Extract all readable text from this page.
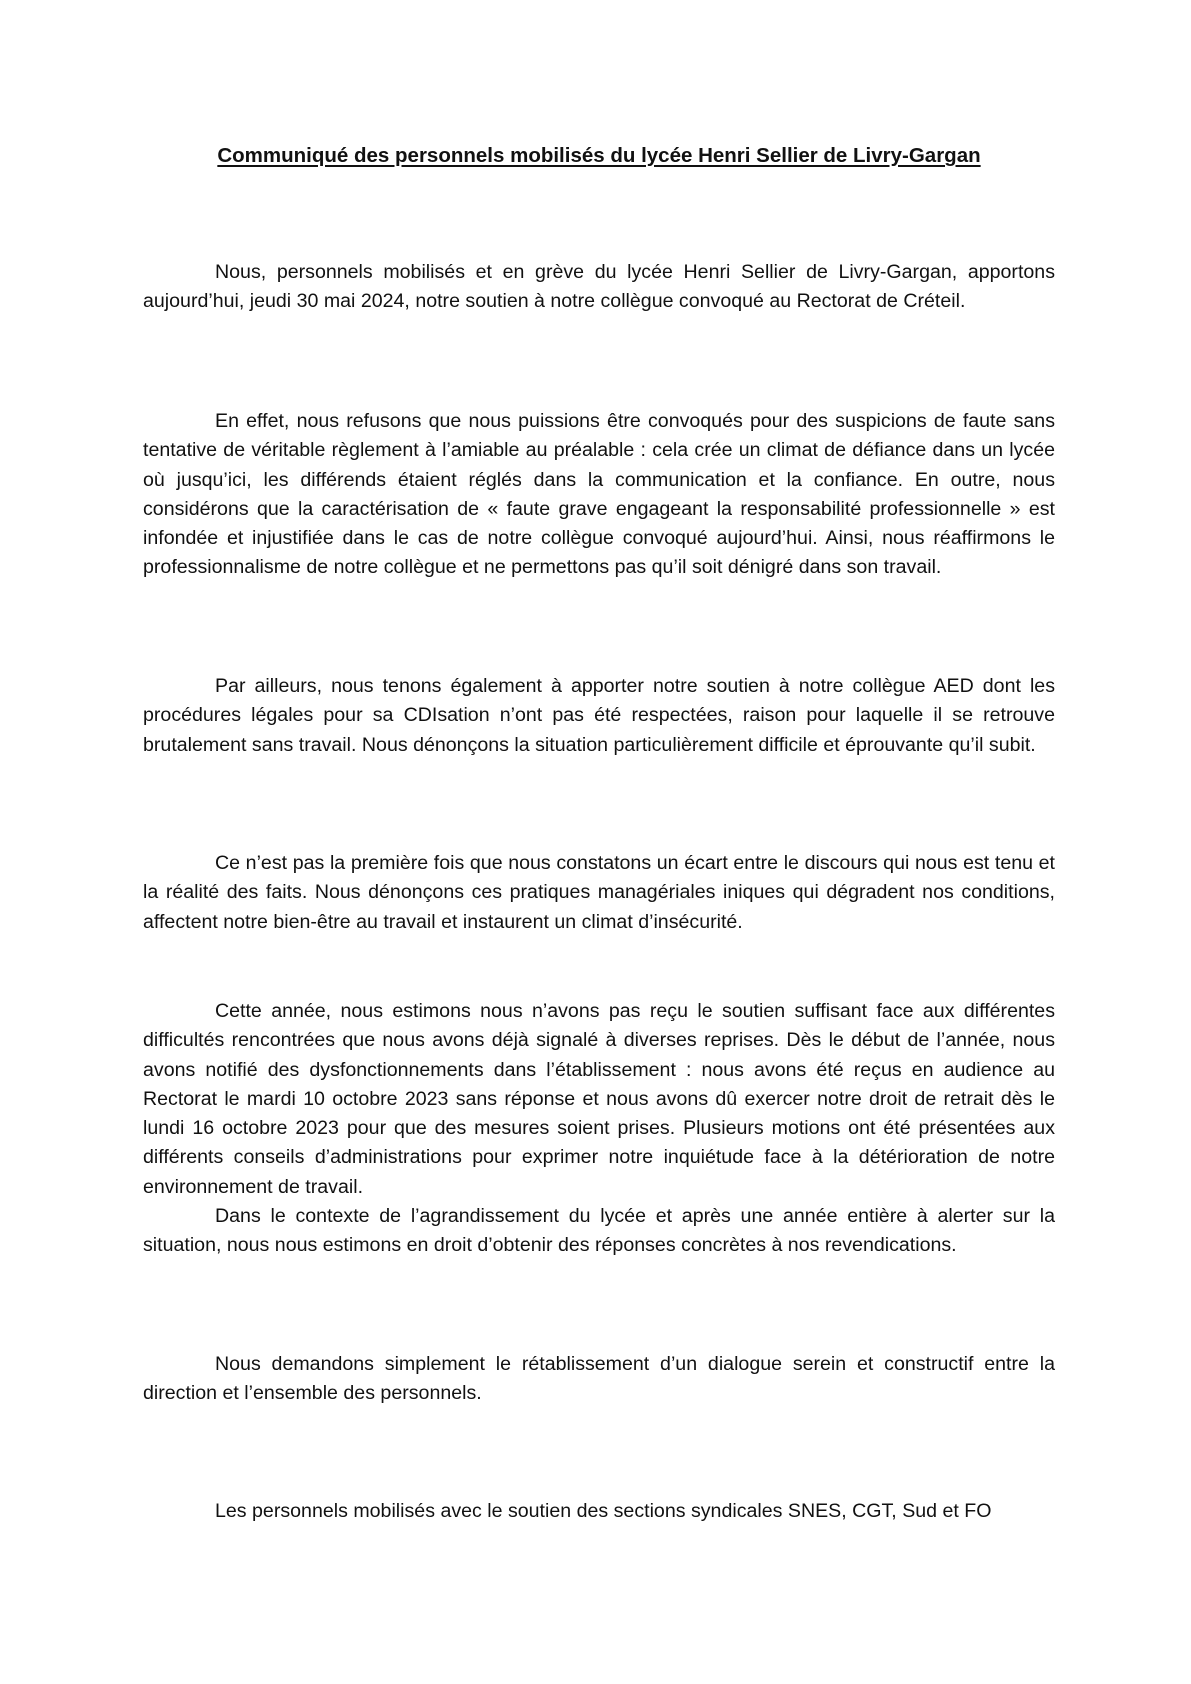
Communiqué des personnels mobilisés du lycée Henri Sellier de Livry-Gargan

Nous, personnels mobilisés et en grève du lycée Henri Sellier de Livry-Gargan, apportons aujourd’hui, jeudi 30 mai 2024, notre soutien à notre collègue convoqué au Rectorat de Créteil.

En effet, nous refusons que nous puissions être convoqués pour des suspicions de faute sans tentative de véritable règlement à l’amiable au préalable : cela crée un climat de défiance dans un lycée où jusqu’ici, les différends étaient réglés dans la communication et la confiance. En outre, nous considérons que la caractérisation de « faute grave engageant la responsabilité professionnelle » est infondée et injustifiée dans le cas de notre collègue convoqué aujourd’hui. Ainsi, nous réaffirmons le professionnalisme de notre collègue et ne permettons pas qu’il soit dénigré dans son travail.

Par ailleurs, nous tenons également à apporter notre soutien à notre collègue AED dont les procédures légales pour sa CDIsation n’ont pas été respectées, raison pour laquelle il se retrouve brutalement sans travail. Nous dénonçons la situation particulièrement difficile et éprouvante qu’il subit.

Ce n’est pas la première fois que nous constatons un écart entre le discours qui nous est tenu et la réalité des faits. Nous dénonçons ces pratiques managériales iniques qui dégradent nos conditions, affectent notre bien-être au travail et instaurent un climat d’insécurité.

Cette année, nous estimons nous n’avons pas reçu le soutien suffisant face aux différentes difficultés rencontrées que nous avons déjà signalé à diverses reprises. Dès le début de l’année, nous avons notifié des dysfonctionnements dans l’établissement : nous avons été reçus en audience au Rectorat le mardi 10 octobre 2023 sans réponse et nous avons dû exercer notre droit de retrait dès le lundi 16 octobre 2023 pour que des mesures soient prises. Plusieurs motions ont été présentées aux différents conseils d’administrations pour exprimer notre inquiétude face à la détérioration de notre environnement de travail.

Dans le contexte de l’agrandissement du lycée et après une année entière à alerter sur la situation, nous nous estimons en droit d’obtenir des réponses concrètes à nos revendications.

Nous demandons simplement le rétablissement d’un dialogue serein et constructif entre la direction et l’ensemble des personnels.

Les personnels mobilisés avec le soutien des sections syndicales SNES, CGT, Sud et FO
